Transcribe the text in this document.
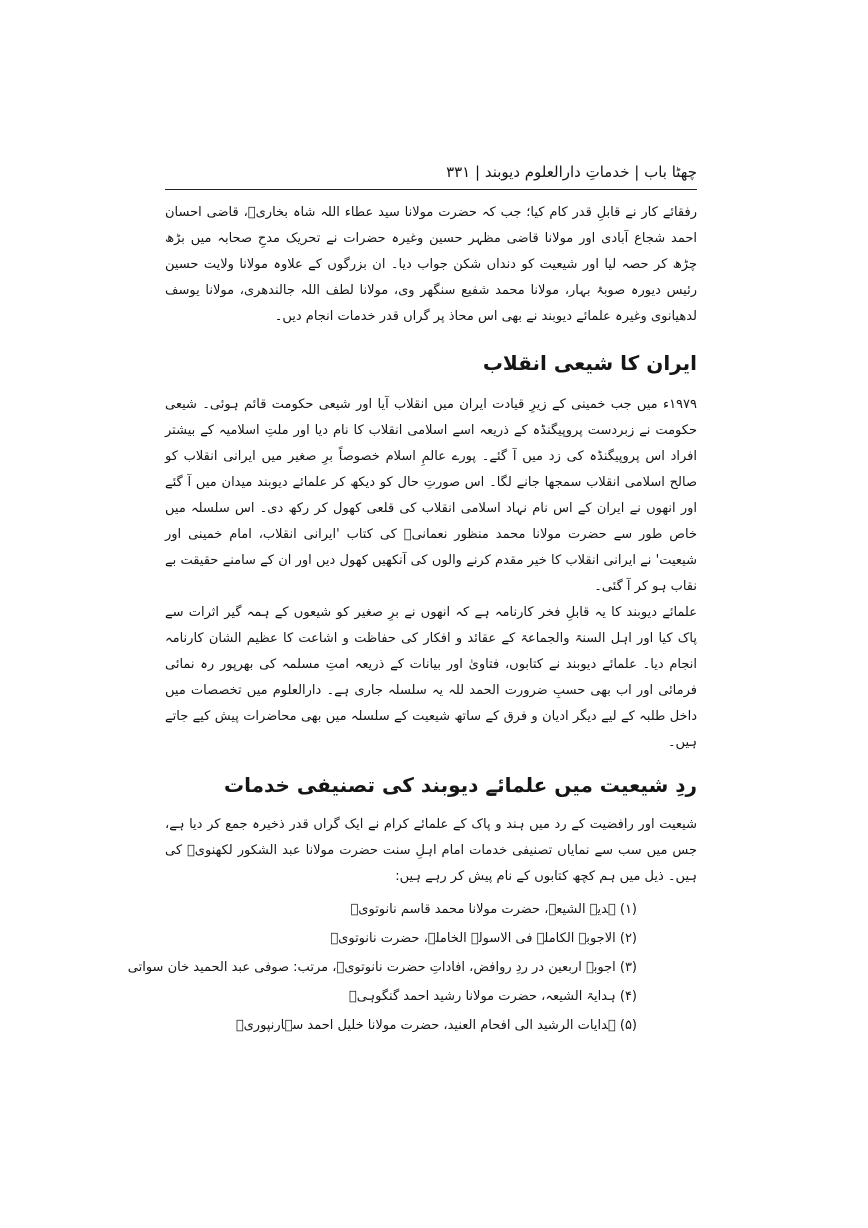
چھٹا باب | خدماتِ دارالعلوم دیوبند | ۳۳۱

رفقائے کار نے قابلِ قدر کام کیا؛ جب کہ حضرت مولانا سید عطاء اللہ شاہ بخاریؒ، قاضی احسان احمد شجاع آبادی اور مولانا قاضی مظہر حسین وغیرہ حضرات نے تحریک مدحِ صحابہ میں بڑھ چڑھ کر حصہ لیا اور شیعیت کو دنداں شکن جواب دیا۔ ان بزرگوں کے علاوہ مولانا ولایت حسین رئیس دیورہ صوبۂ بہار، مولانا محمد شفیع سنگھر وی، مولانا لطف اللہ جالندھری، مولانا یوسف لدھیانوی وغیرہ علمائے دیوبند نے بھی اس محاذ پر گراں قدر خدمات انجام دیں۔

ایران کا شیعی انقلاب

۱۹۷۹ء میں جب خمینی کے زیرِ قیادت ایران میں انقلاب آیا اور شیعی حکومت قائم ہوئی۔ شیعی حکومت نے زبردست پروپیگنڈہ کے ذریعہ اسے اسلامی انقلاب کا نام دیا اور ملتِ اسلامیہ کے بیشتر افراد اس پروپیگنڈہ کی زد میں آ گئے۔ پورے عالمِ اسلام خصوصاً برِ صغیر میں ایرانی انقلاب کو صالح اسلامی انقلاب سمجھا جانے لگا۔ اس صورتِ حال کو دیکھ کر علمائے دیوبند میدان میں آ گئے اور انھوں نے ایران کے اس نام نہاد اسلامی انقلاب کی قلعی کھول کر رکھ دی۔ اس سلسلہ میں خاص طور سے حضرت مولانا محمد منظور نعمانیؒ کی کتاب 'ایرانی انقلاب، امام خمینی اور شیعیت' نے ایرانی انقلاب کا خیر مقدم کرنے والوں کی آنکھیں کھول دیں اور ان کے سامنے حقیقت بے نقاب ہو کر آ گئی۔

علمائے دیوبند کا یہ قابلِ فخر کارنامہ ہے کہ انھوں نے برِ صغیر کو شیعوں کے ہمہ گیر اثرات سے پاک کیا اور اہل السنۃ والجماعۃ کے عقائد و افکار کی حفاظت و اشاعت کا عظیم الشان کارنامہ انجام دیا۔ علمائے دیوبند نے کتابوں، فتاویٰ اور بیانات کے ذریعہ امتِ مسلمہ کی بھرپور رہ نمائی فرمائی اور اب بھی حسبِ ضرورت الحمد للہ یہ سلسلہ جاری ہے۔ دارالعلوم میں تخصصات میں داخل طلبہ کے لیے دیگر ادیان و فرق کے ساتھ شیعیت کے سلسلہ میں بھی محاضرات پیش کیے جاتے ہیں۔

ردِ شیعیت میں علمائے دیوبند کی تصنیفی خدمات

شیعیت اور رافضیت کے رد میں ہند و پاک کے علمائے کرام نے ایک گراں قدر ذخیرہ جمع کر دیا ہے، جس میں سب سے نمایاں تصنیفی خدمات امام اہلِ سنت حضرت مولانا عبد الشکور لکھنویؒ کی ہیں۔ ذیل میں ہم کچھ کتابوں کے نام پیش کر رہے ہیں:

(۱) ہدیۃ الشیعہ، حضرت مولانا محمد قاسم نانوتویؒ
(۲) الاجوبۃ الکاملۃ فی الاسولۃ الخاملۃ، حضرت نانوتویؒ
(۳) اجوبہ اربعین در ردِ روافض، افاداتِ حضرت نانوتویؒ، مرتب: صوفی عبد الحمید خان سواتی
(۴) ہدایۃ الشیعہ، حضرت مولانا رشید احمد گنگوہیؒ
(۵) ہدایات الرشید الی افحام العنید، حضرت مولانا خلیل احمد سہارنپوریؒ
